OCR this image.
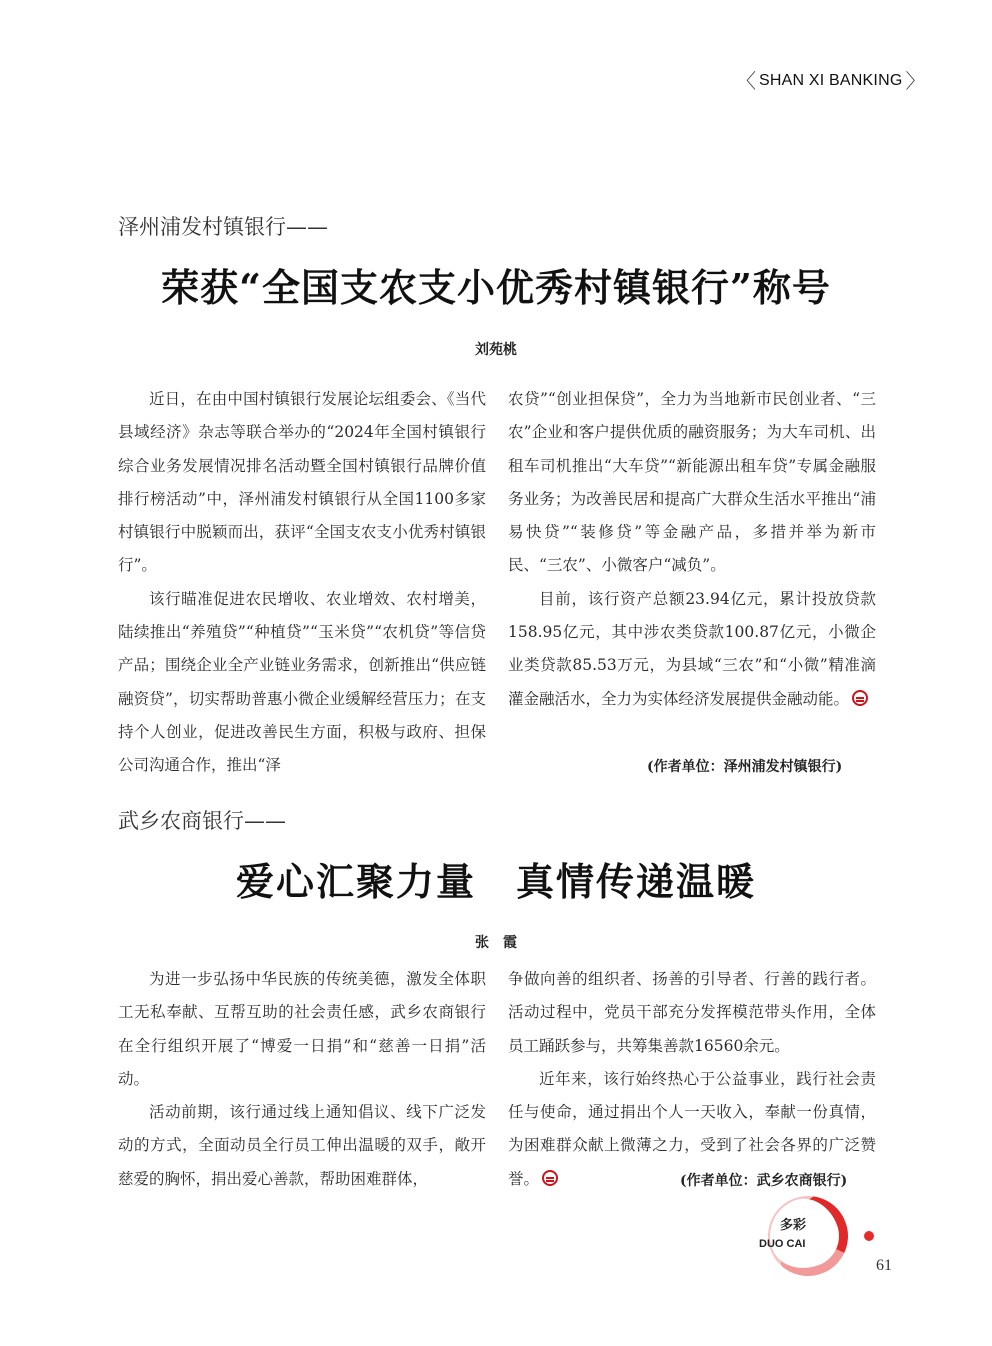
〈 SHAN XI BANKING 〉
泽州浦发村镇银行——
荣获“全国支农支小优秀村镇银行”称号
刘苑桃

近日，在由中国村镇银行发展论坛组委会、《当代县域经济》杂志等联合举办的“2024年全国村镇银行综合业务发展情况排名活动暨全国村镇银行品牌价值排行榜活动”中，泽州浦发村镇银行从全国1100多家村镇银行中脱颖而出，获评“全国支农支小优秀村镇银行”。

该行瞄准促进农民增收、农业增效、农村增美，陆续推出“养殖贷”“种植贷”“玉米贷”“农机贷”等信贷产品；围绕企业全产业链业务需求，创新推出“供应链融资贷”，切实帮助普惠小微企业缓解经营压力；在支持个人创业，促进改善民生方面，积极与政府、担保公司沟通合作，推出“泽

农贷”“创业担保贷”，全力为当地新市民创业者、“三农”企业和客户提供优质的融资服务；为大车司机、出租车司机推出“大车贷”“新能源出租车贷”专属金融服务业务；为改善民居和提高广大群众生活水平推出“浦易快贷”“装修贷”等金融产品，多措并举为新市民、“三农”、小微客户“减负”。

目前，该行资产总额23.94亿元，累计投放贷款158.95亿元，其中涉农类贷款100.87亿元，小微企业类贷款85.53万元，为县域“三农”和“小微”精准滴灌金融活水，全力为实体经济发展提供金融动能。

(作者单位：泽州浦发村镇银行)
武乡农商银行——
爱心汇聚力量　真情传递温暖
张　霞

为进一步弘扬中华民族的传统美德，激发全体职工无私奉献、互帮互助的社会责任感，武乡农商银行在全行组织开展了“博爱一日捐”和“慈善一日捐”活动。

活动前期，该行通过线上通知倡议、线下广泛发动的方式，全面动员全行员工伸出温暖的双手，敞开慈爱的胸怀，捐出爱心善款，帮助困难群体，

争做向善的组织者、扬善的引导者、行善的践行者。活动过程中，党员干部充分发挥模范带头作用，全体员工踊跃参与，共筹集善款16560余元。

近年来，该行始终热心于公益事业，践行社会责任与使命，通过捐出个人一天收入，奉献一份真情，为困难群众献上微薄之力，受到了社会各界的广泛赞誉。	(作者单位：武乡农商银行)
多彩
DUO CAI
61
